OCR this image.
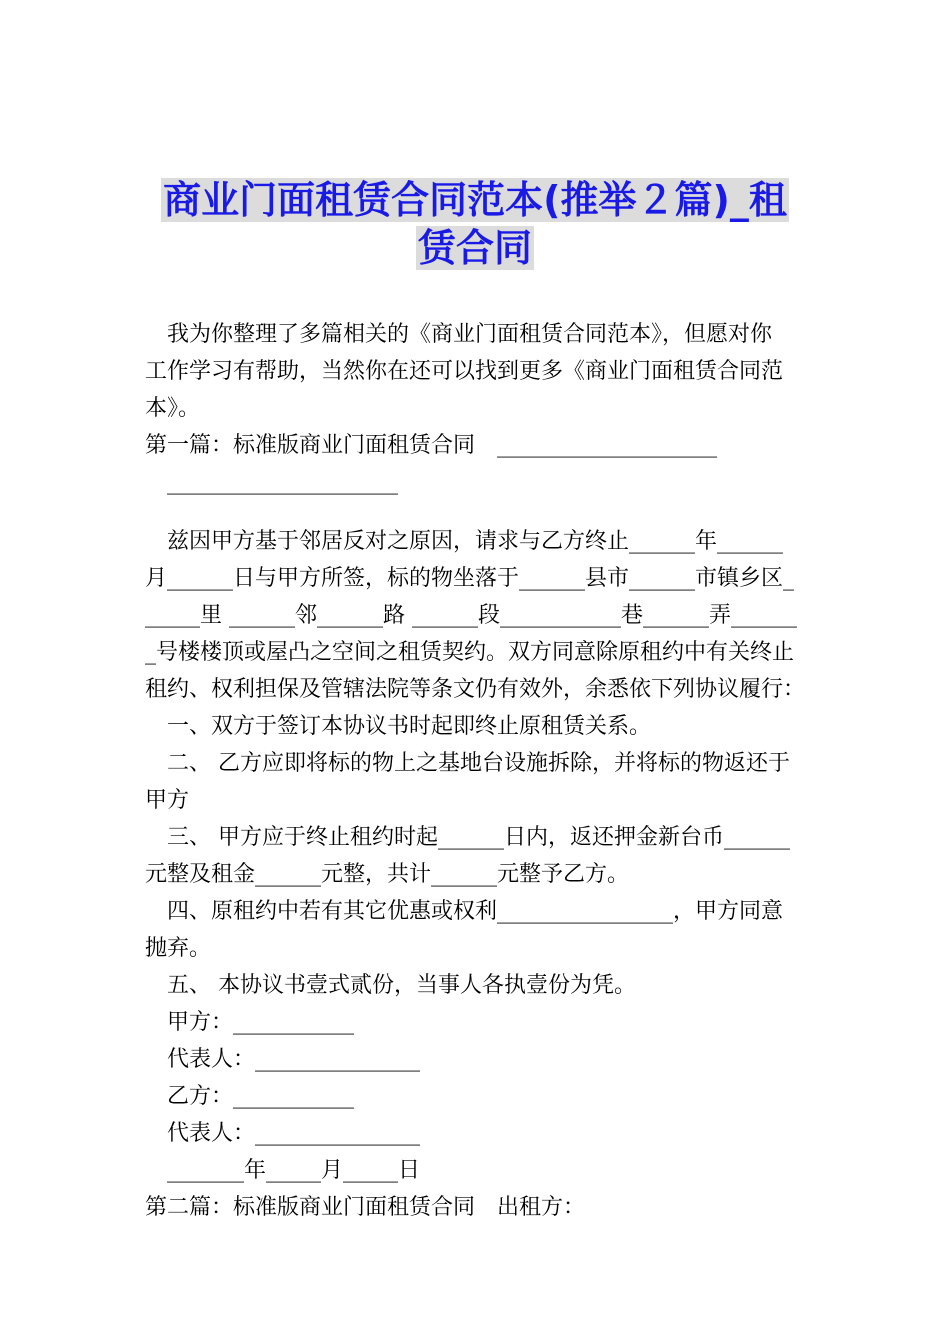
商业门面租赁合同范本(推举２篇)_租
赁合同
我为你整理了多篇相关的《商业门面租赁合同范本》，但愿对你
工作学习有帮助，当然你在还可以找到更多《商业门面租赁合同范
本》。
第一篇：标准版商业门面租赁合同　____________________
_____________________
兹因甲方基于邻居反对之原因，请求与乙方终止______年______
月______日与甲方所签，标的物坐落于______县市______市镇乡区_
_____里 ______邻______路 ______段___________巷______弄______
_号楼楼顶或屋凸之空间之租赁契约。双方同意除原租约中有关终止
租约、权利担保及管辖法院等条文仍有效外，余悉依下列协议履行：
一、双方于签订本协议书时起即终止原租赁关系。
二、 乙方应即将标的物上之基地台设施拆除，并将标的物返还于
甲方
三、 甲方应于终止租约时起______日内，返还押金新台币______
元整及租金______元整，共计______元整予乙方。
四、原租约中若有其它优惠或权利________________，甲方同意
抛弃。
五、 本协议书壹式贰份，当事人各执壹份为凭。
甲方：___________
代表人：_______________
乙方：___________
代表人：_______________
_______年_____月_____日
第二篇：标准版商业门面租赁合同　出租方：
